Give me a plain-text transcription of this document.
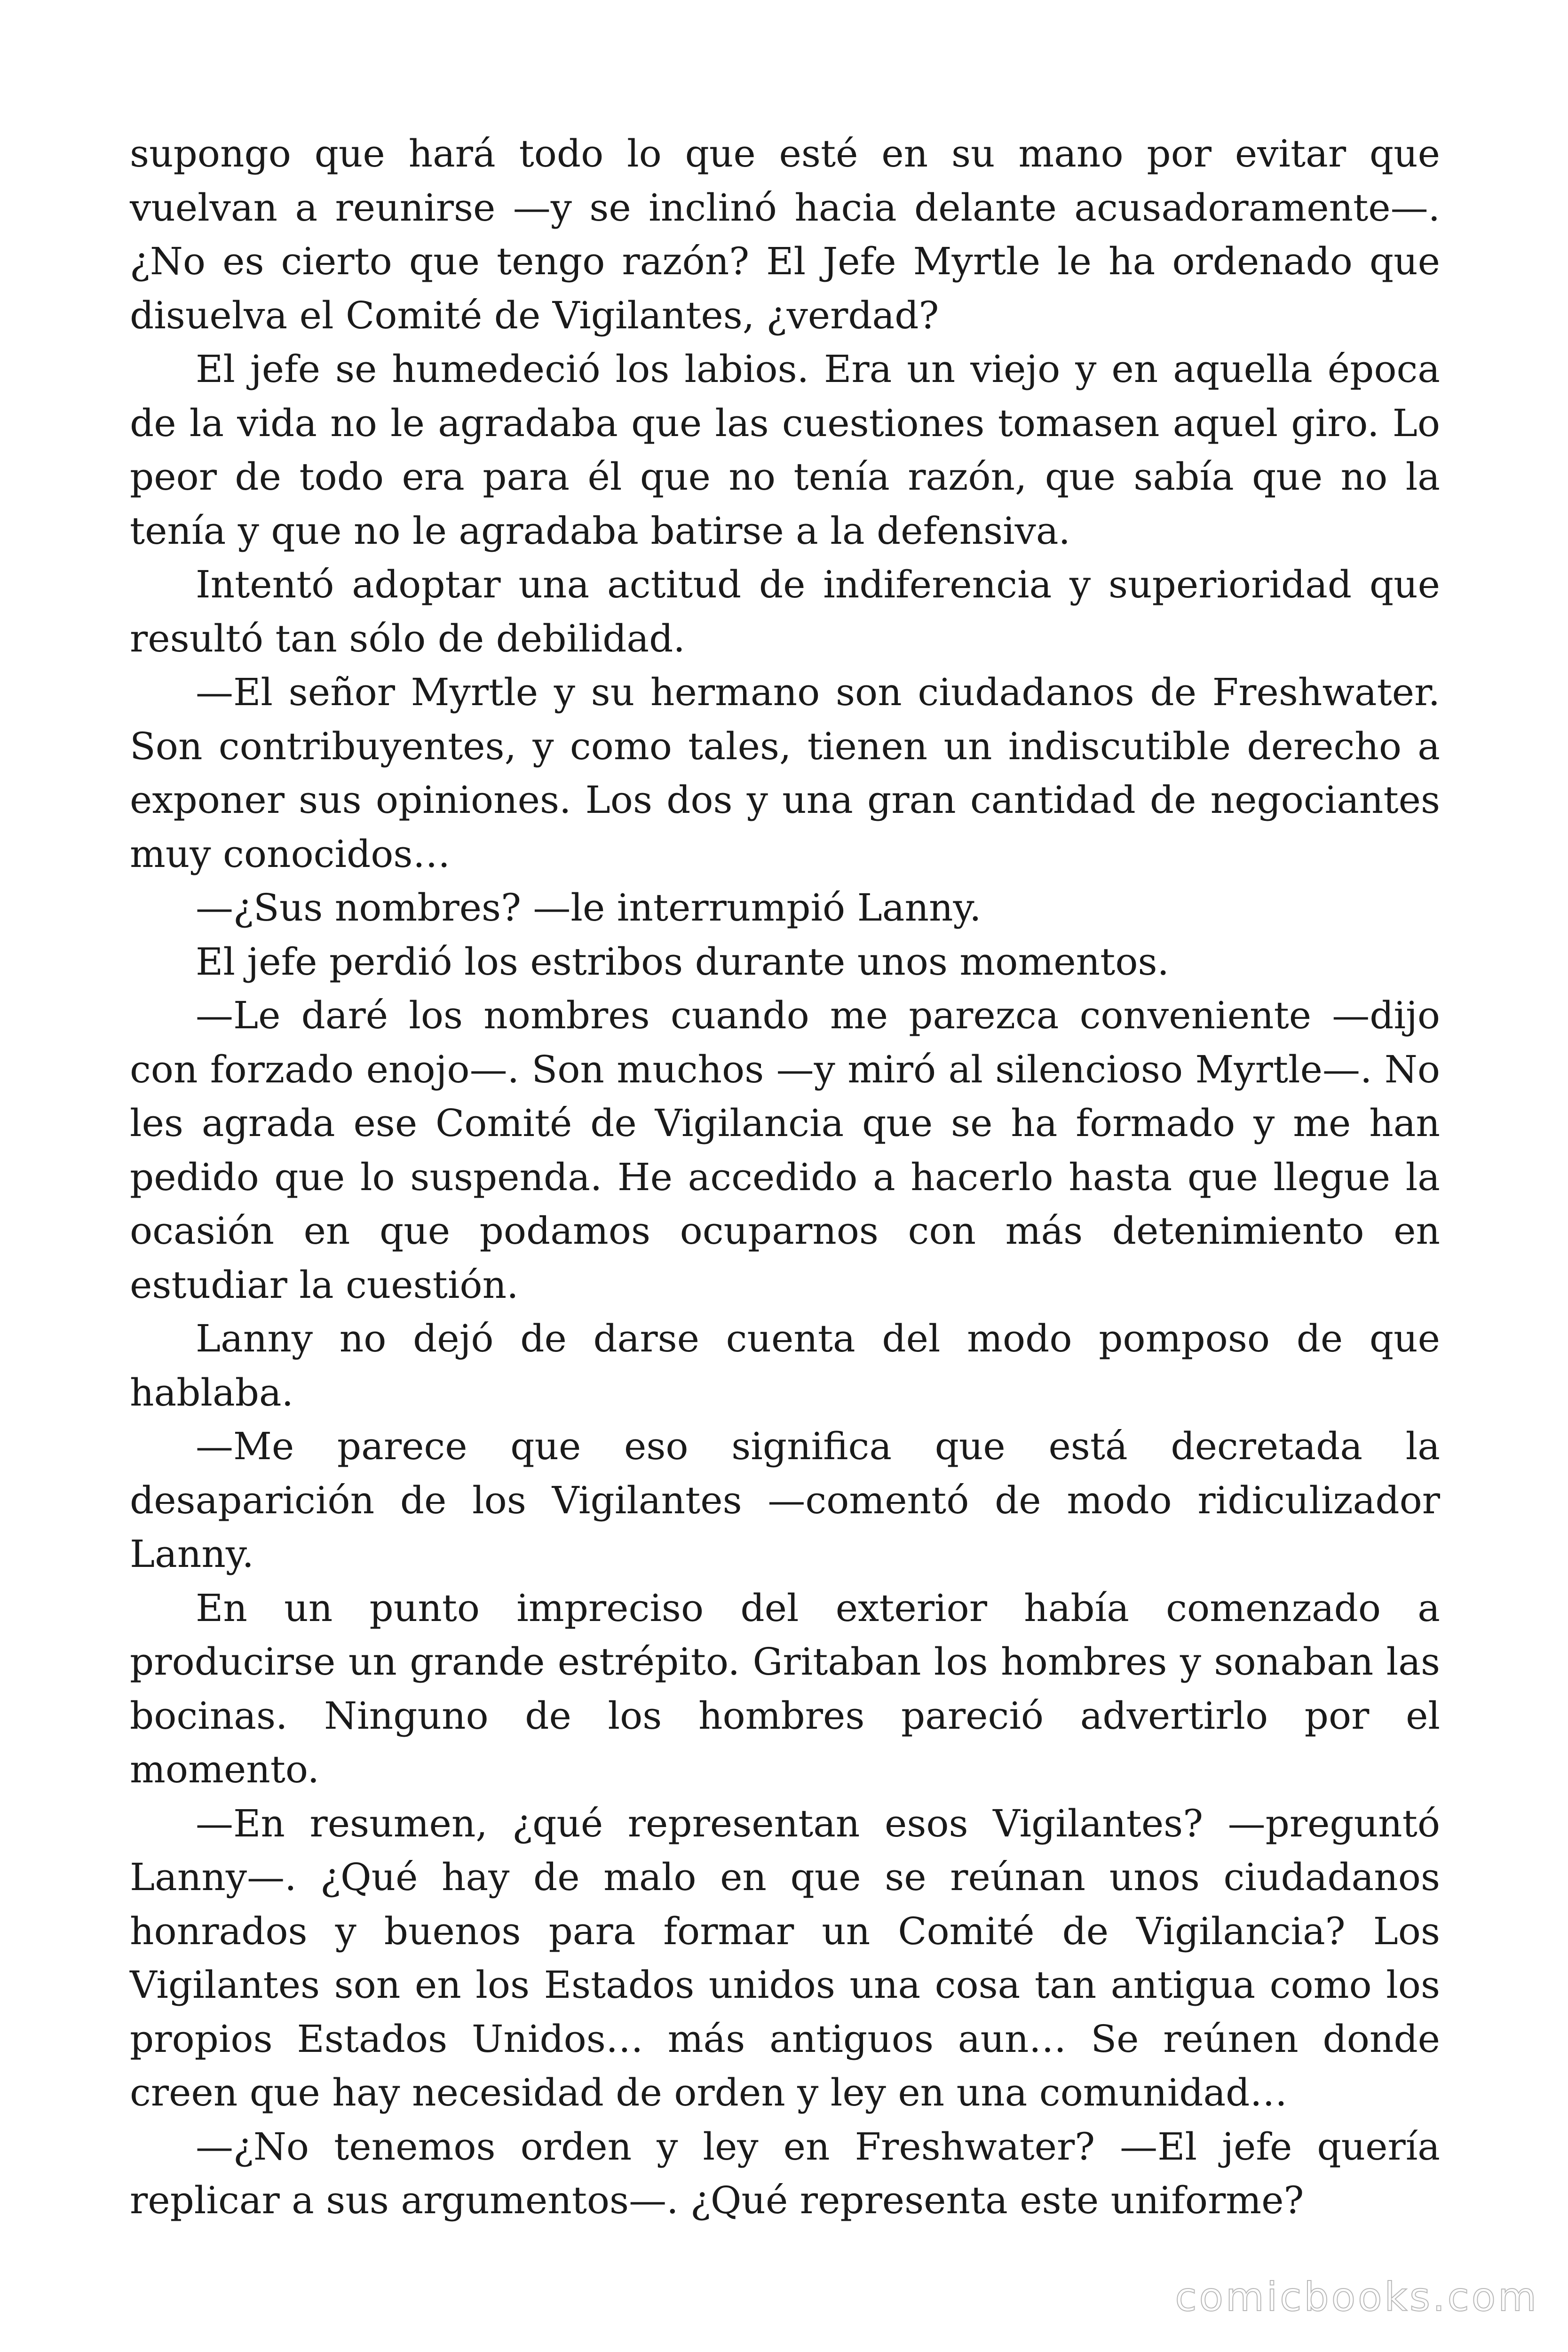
supongo que hará todo lo que esté en su mano por evitar que vuelvan a reunirse —y se inclinó hacia delante acusadoramente—. ¿No es cierto que tengo razón? El Jefe Myrtle le ha ordenado que disuelva el Comité de Vigilantes, ¿verdad?

El jefe se humedeció los labios. Era un viejo y en aquella época de la vida no le agradaba que las cuestiones tomasen aquel giro. Lo peor de todo era para él que no tenía razón, que sabía que no la tenía y que no le agradaba batirse a la defensiva.

Intentó adoptar una actitud de indiferencia y superioridad que resultó tan sólo de debilidad.

—El señor Myrtle y su hermano son ciudadanos de Freshwater. Son contribuyentes, y como tales, tienen un indiscutible derecho a exponer sus opiniones. Los dos y una gran cantidad de negociantes muy conocidos…

—¿Sus nombres? —le interrumpió Lanny.

El jefe perdió los estribos durante unos momentos.

—Le daré los nombres cuando me parezca conveniente —dijo con forzado enojo—. Son muchos —y miró al silencioso Myrtle—. No les agrada ese Comité de Vigilancia que se ha formado y me han pedido que lo suspenda. He accedido a hacerlo hasta que llegue la ocasión en que podamos ocuparnos con más detenimiento en estudiar la cuestión.

Lanny no dejó de darse cuenta del modo pomposo de que hablaba.

—Me parece que eso significa que está decretada la desaparición de los Vigilantes —comentó de modo ridiculizador Lanny.

En un punto impreciso del exterior había comenzado a producirse un grande estrépito. Gritaban los hombres y sonaban las bocinas. Ninguno de los hombres pareció advertirlo por el momento.

—En resumen, ¿qué representan esos Vigilantes? —preguntó Lanny—. ¿Qué hay de malo en que se reúnan unos ciudadanos honrados y buenos para formar un Comité de Vigilancia? Los Vigilantes son en los Estados unidos una cosa tan antigua como los propios Estados Unidos… más antiguos aun… Se reúnen donde creen que hay necesidad de orden y ley en una comunidad…

—¿No tenemos orden y ley en Freshwater? —El jefe quería replicar a sus argumentos—. ¿Qué representa este uniforme?

comicbooks.com
